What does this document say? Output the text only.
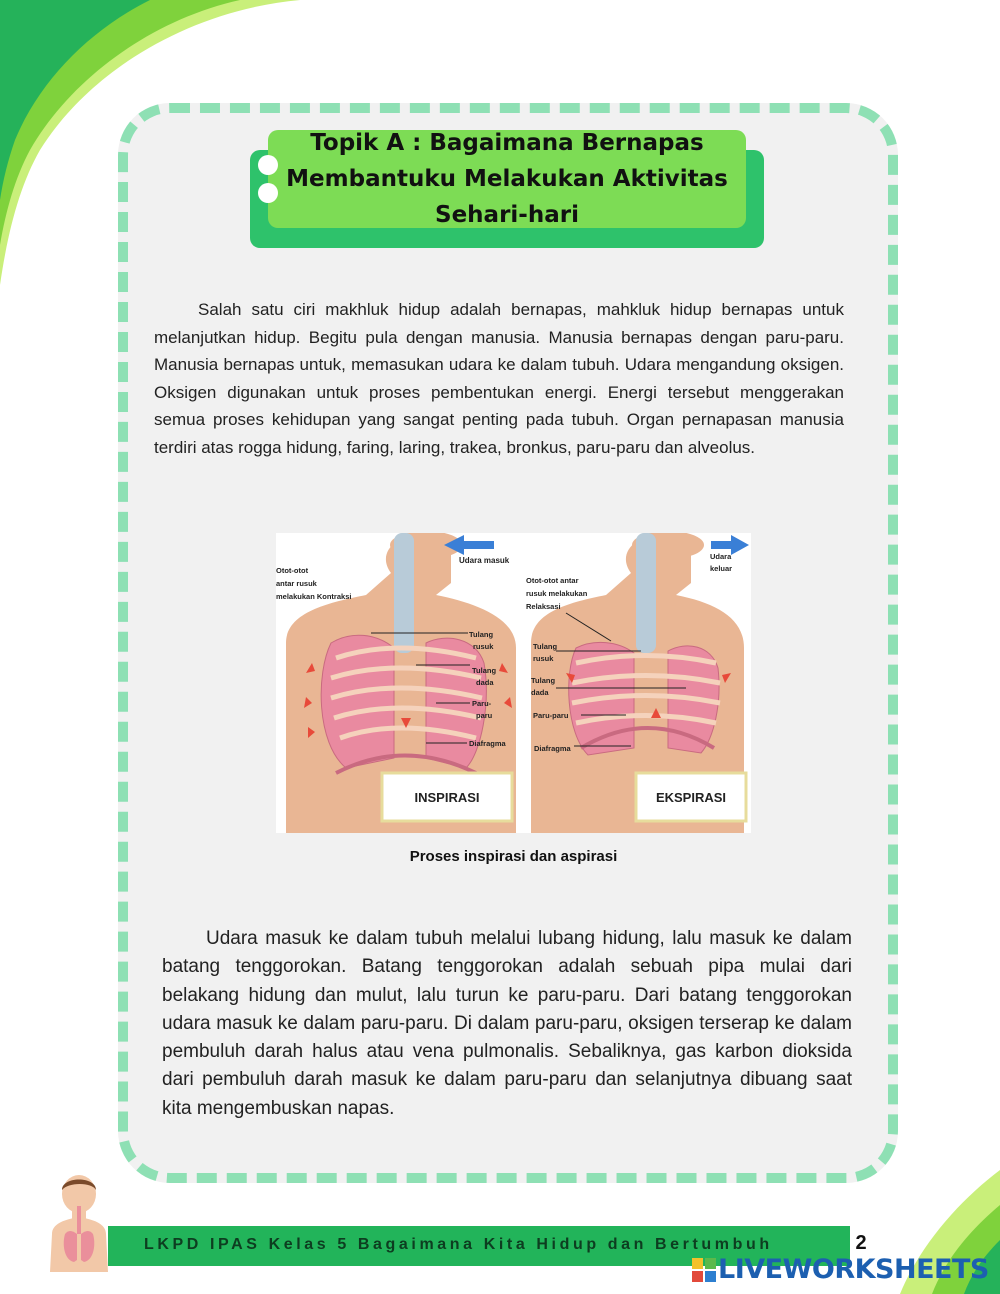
Topik A : Bagaimana Bernapas Membantuku Melakukan Aktivitas Sehari-hari
Salah satu ciri makhluk hidup adalah bernapas, mahkluk hidup bernapas untuk melanjutkan hidup. Begitu pula dengan manusia. Manusia bernapas dengan paru-paru. Manusia bernapas untuk, memasukan udara ke dalam tubuh. Udara mengandung oksigen. Oksigen digunakan untuk proses pembentukan energi. Energi tersebut menggerakan semua proses kehidupan yang sangat penting pada tubuh. Organ pernapasan manusia terdiri atas rogga hidung, faring, laring, trakea, bronkus, paru-paru dan alveolus.
Udara masuk
Otot-otot
antar rusuk
melakukan Kontraksi
Tulang
rusuk
Tulang
dada
Paru-
paru
Diafragma
INSPIRASI
Udara
keluar
Otot-otot antar
rusuk melakukan
Relaksasi
Tulang
rusuk
Tulang
dada
Paru-paru
Diafragma
EKSPIRASI
Proses inspirasi dan aspirasi
Udara masuk ke dalam tubuh melalui lubang hidung, lalu masuk ke dalam batang tenggorokan. Batang tenggorokan adalah sebuah pipa mulai dari belakang hidung dan mulut, lalu turun ke paru-paru. Dari batang tenggorokan udara masuk ke dalam paru-paru. Di dalam paru-paru, oksigen terserap ke dalam pembuluh darah halus atau vena pulmonalis. Sebaliknya, gas karbon dioksida dari pembuluh darah masuk ke dalam paru-paru dan selanjutnya dibuang saat kita mengembuskan napas.
LKPD IPAS Kelas 5 Bagaimana Kita Hidup dan Bertumbuh	2
LIVEWORKSHEETS
